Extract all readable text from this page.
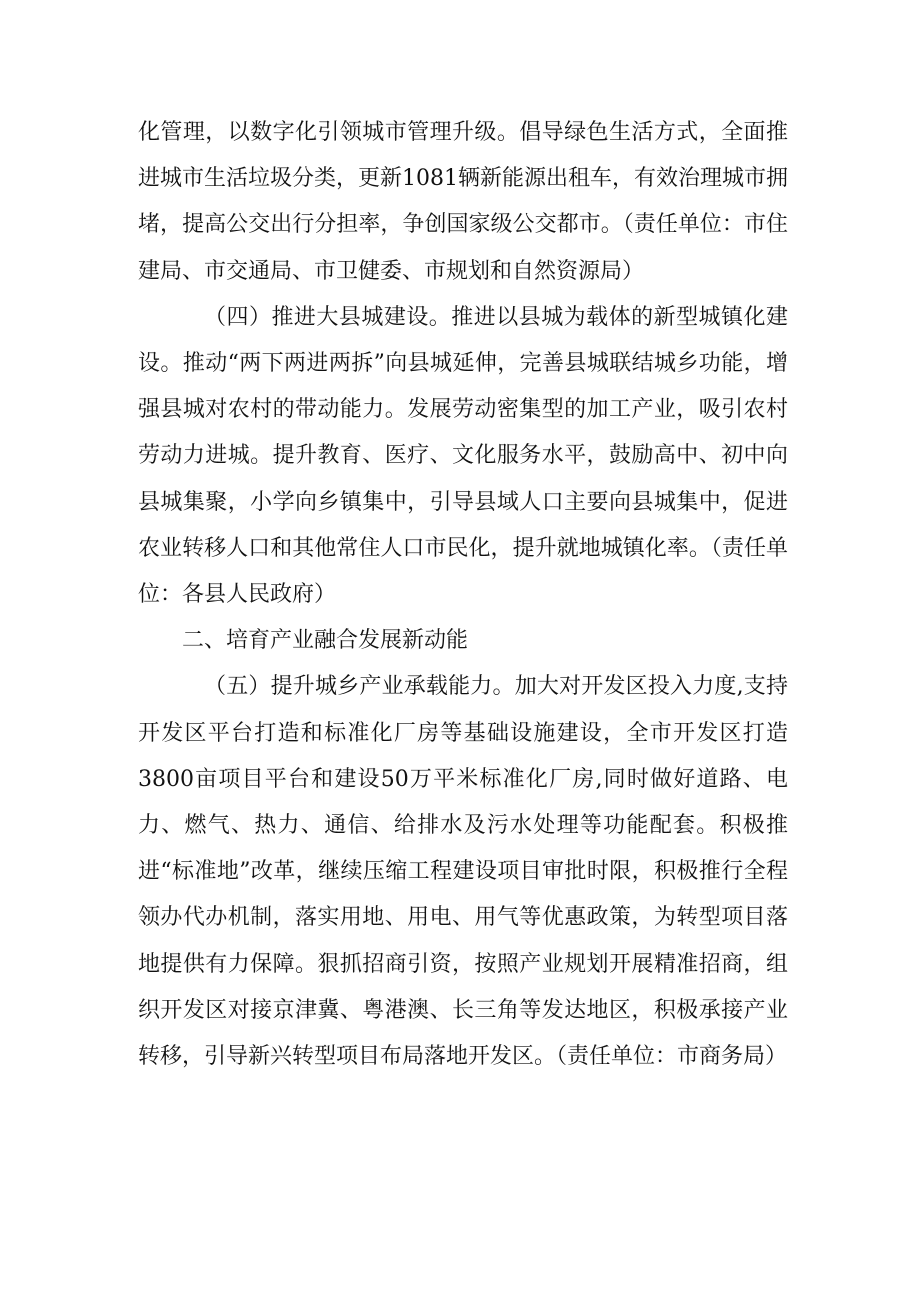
化管理，以数字化引领城市管理升级。倡导绿色生活方式，全面推进城市生活垃圾分类，更新1081辆新能源出租车，有效治理城市拥堵，提高公交出行分担率，争创国家级公交都市。（责任单位：市住建局、市交通局、市卫健委、市规划和自然资源局）

（四）推进大县城建设。推进以县城为载体的新型城镇化建设。推动“两下两进两拆”向县城延伸，完善县城联结城乡功能，增强县城对农村的带动能力。发展劳动密集型的加工产业，吸引农村劳动力进城。提升教育、医疗、文化服务水平，鼓励高中、初中向县城集聚，小学向乡镇集中，引导县域人口主要向县城集中，促进农业转移人口和其他常住人口市民化，提升就地城镇化率。（责任单位：各县人民政府）

二、培育产业融合发展新动能

（五）提升城乡产业承载能力。加大对开发区投入力度,支持开发区平台打造和标准化厂房等基础设施建设，全市开发区打造3800亩项目平台和建设50万平米标准化厂房,同时做好道路、电力、燃气、热力、通信、给排水及污水处理等功能配套。积极推进“标准地”改革，继续压缩工程建设项目审批时限，积极推行全程领办代办机制，落实用地、用电、用气等优惠政策，为转型项目落地提供有力保障。狠抓招商引资，按照产业规划开展精准招商，组织开发区对接京津冀、粤港澳、长三角等发达地区，积极承接产业转移，引导新兴转型项目布局落地开发区。（责任单位：市商务局）
